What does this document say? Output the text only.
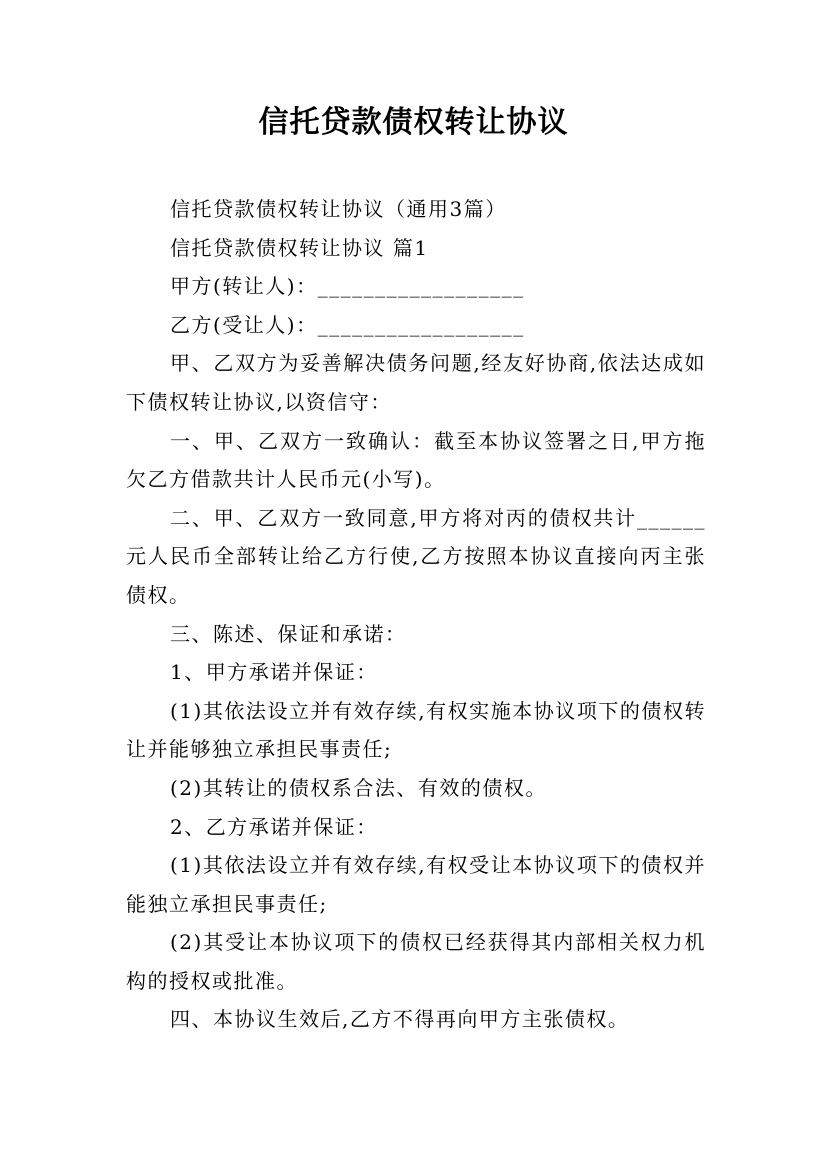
信托贷款债权转让协议

信托贷款债权转让协议（通用3篇）

信托贷款债权转让协议 篇1

甲方(转让人)：__________________

乙方(受让人)：__________________

甲、乙双方为妥善解决债务问题,经友好协商,依法达成如下债权转让协议,以资信守：

一、甲、乙双方一致确认：截至本协议签署之日,甲方拖欠乙方借款共计人民币元(小写)。

二、甲、乙双方一致同意,甲方将对丙的债权共计______元人民币全部转让给乙方行使,乙方按照本协议直接向丙主张债权。

三、陈述、保证和承诺：

1、甲方承诺并保证：

(1)其依法设立并有效存续,有权实施本协议项下的债权转让并能够独立承担民事责任;

(2)其转让的债权系合法、有效的债权。

2、乙方承诺并保证：

(1)其依法设立并有效存续,有权受让本协议项下的债权并能独立承担民事责任;

(2)其受让本协议项下的债权已经获得其内部相关权力机构的授权或批准。

四、本协议生效后,乙方不得再向甲方主张债权。
